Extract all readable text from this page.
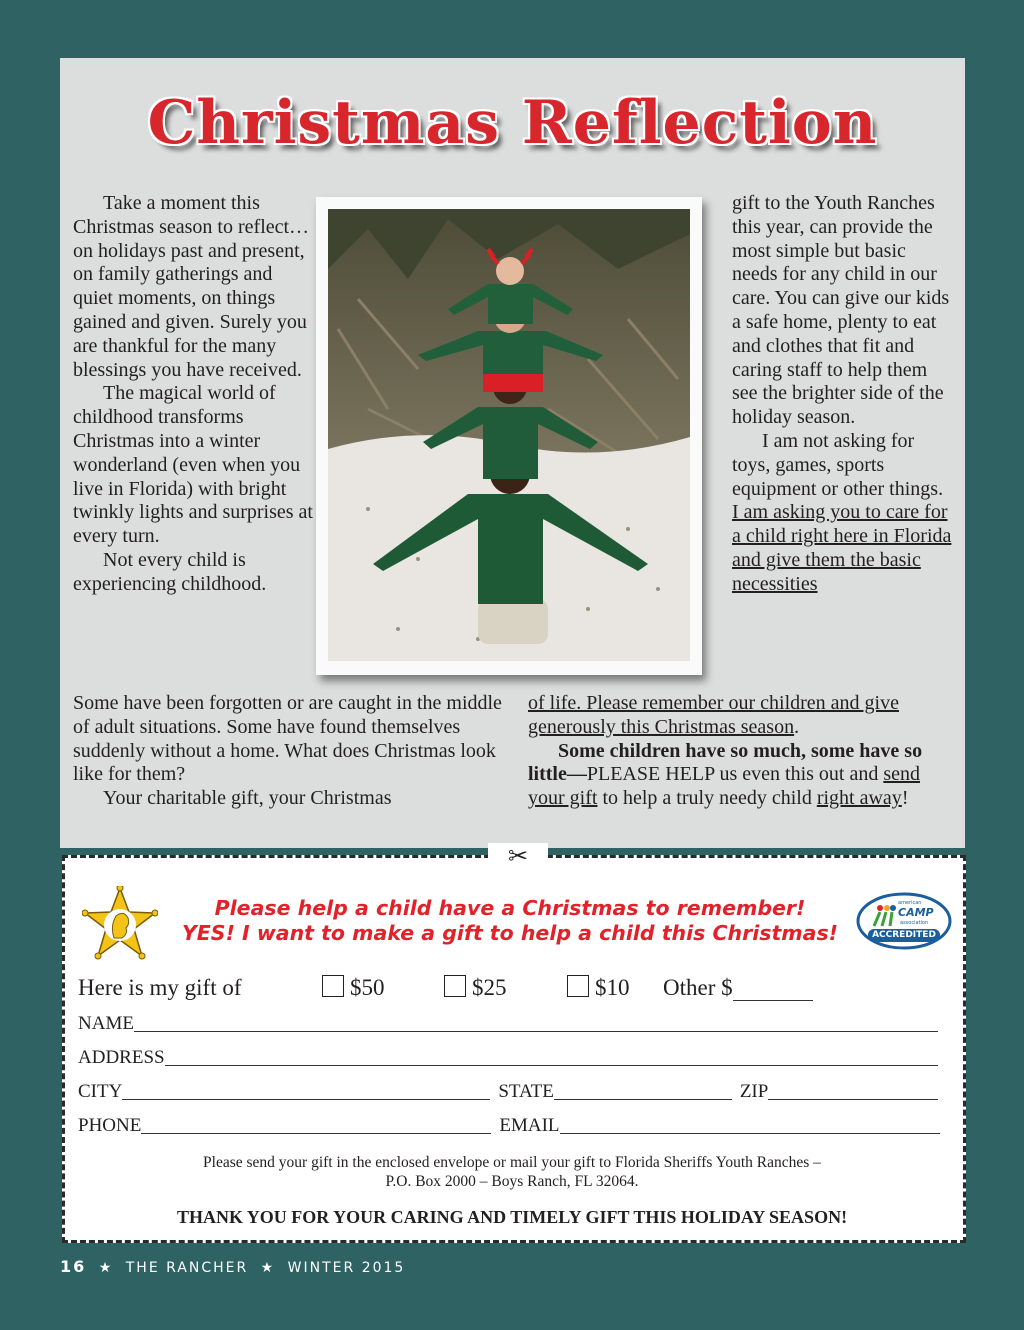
Christmas Reflection

Take a moment this Christmas season to reflect…on holidays past and present, on family gatherings and quiet moments, on things gained and given. Surely you are thankful for the many blessings you have received.

The magical world of childhood transforms Christmas into a winter wonderland (even when you live in Florida) with bright twinkly lights and surprises at every turn.

Not every child is experiencing childhood.

Some have been forgotten or are caught in the middle of adult situations. Some have found themselves suddenly without a home. What does Christmas look like for them?

Your charitable gift, your Christmas

gift to the Youth Ranches this year, can provide the most simple but basic needs for any child in our care. You can give our kids a safe home, plenty to eat and clothes that fit and caring staff to help them see the brighter side of the holiday season.

I am not asking for toys, games, sports equipment or other things. I am asking you to care for a child right here in Florida and give them the basic necessities

of life. Please remember our children and give generously this Christmas season.

Some children have so much, some have so little—PLEASE HELP us even this out and send your gift to help a truly needy child right away!

✂
Please help a child have a Christmas to remember!
YES! I want to make a gift to help a child this Christmas!
american
CAMP
association
ACCREDITED
Here is my gift of	$50	$25	$10 Other $
NAME
ADDRESS
CITY	STATE	ZIP
PHONE	EMAIL
Please send your gift in the enclosed envelope or mail your gift to Florida Sheriffs Youth Ranches –
P.O. Box 2000 – Boys Ranch, FL 32064.
THANK YOU FOR YOUR CARING AND TIMELY GIFT THIS HOLIDAY SEASON!
16 ★ THE RANCHER ★ WINTER 2015
